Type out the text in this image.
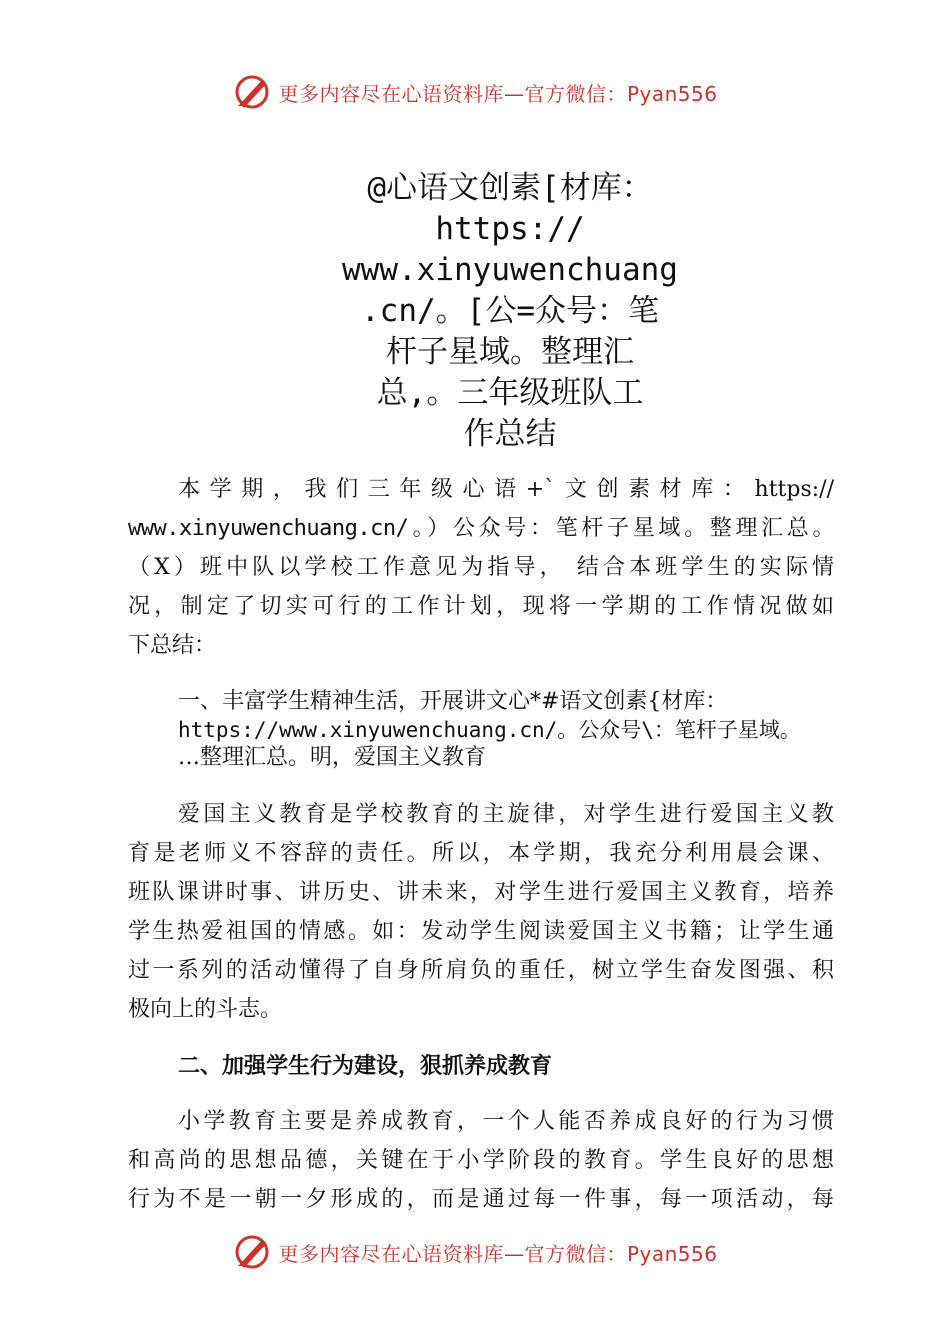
更多内容尽在心语资料库—官方微信：Pyan556
@心语文创素[材库：
https://
www.xinyuwenchuang
.cn/。[公=众号：笔
杆子星域。整理汇
总,。三年级班队工
作总结
本学期，我们三年级心语+`文创素材库：https://
www.xinyuwenchuang.cn/。）公众号：笔杆子星域。整理汇总。
（X）班中队以学校工作意见为指导， 结合本班学生的实际情
况，制定了切实可行的工作计划，现将一学期的工作情况做如
下总结：
一、丰富学生精神生活，开展讲文心*#语文创素{材库：
https://www.xinyuwenchuang.cn/。公众号\：笔杆子星域。
…整理汇总。明，爱国主义教育
爱国主义教育是学校教育的主旋律，对学生进行爱国主义教
育是老师义不容辞的责任。所以，本学期，我充分利用晨会课、
班队课讲时事、讲历史、讲未来，对学生进行爱国主义教育，培养
学生热爱祖国的情感。如：发动学生阅读爱国主义书籍；让学生通
过一系列的活动懂得了自身所肩负的重任，树立学生奋发图强、积
极向上的斗志。
二、加强学生行为建设，狠抓养成教育
小学教育主要是养成教育，一个人能否养成良好的行为习惯
和高尚的思想品德，关键在于小学阶段的教育。学生良好的思想
行为不是一朝一夕形成的，而是通过每一件事，每一项活动，每
更多内容尽在心语资料库—官方微信：Pyan556
